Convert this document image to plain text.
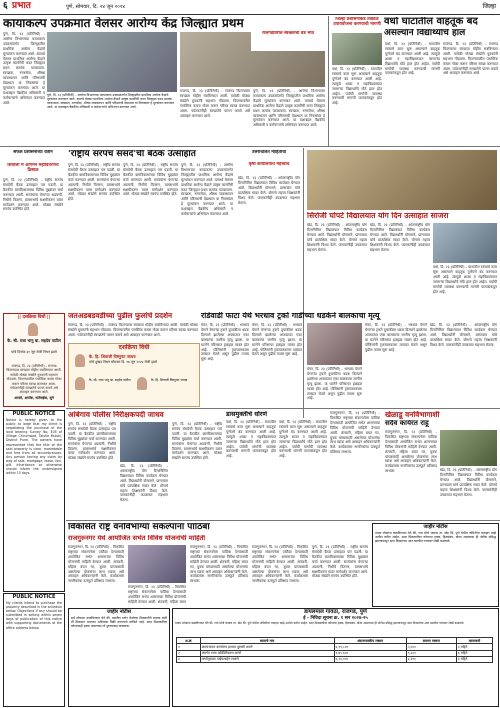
६ प्रभात	पुणे, सोमवार, दि. २४ जून २०२४	जिल्हा
कायाकल्प उपक्रमात वेलसर आरोग्य केंद्र जिल्ह्यात प्रथम
पुणे, दि. २३ (प्रतिनिधी) - आरोग्य विभागाच्या कायाकल्प उपक्रमांतर्गत जिल्ह्यातील प्राथमिक आरोग्य केंद्रांचे मूल्यांकन करण्यात आले. यामध्ये वेलसर प्राथमिक आरोग्य केंद्राने उत्कृष्ट कामगिरी करत जिल्ह्यात प्रथम क्रमांक पटकावला. स्वच्छता, रुग्णसेवा, औषध व्यवस्थापन आणि परिसराची देखभाल या निकषांवर हे मूल्यांकन करण्यात आले. या यशाबद्दल वैद्यकीय अधिकारी व कर्मचाऱ्यांचे अभिनंदन करण्यात आले.
पुणे, दि. २३ (प्रतिनिधी) - आरोग्य विभागाच्या कायाकल्प उपक्रमांतर्गत जिल्ह्यातील प्राथमिक आरोग्य केंद्रांचे मूल्यांकन करण्यात आले. यामध्ये वेलसर प्राथमिक आरोग्य केंद्राने उत्कृष्ट कामगिरी करत जिल्ह्यात प्रथम क्रमांक पटकावला. स्वच्छता, रुग्णसेवा, औषध व्यवस्थापन आणि परिसराची देखभाल या निकषांवर हे मूल्यांकन करण्यात आले. या यशाबद्दल वैद्यकीय अधिकारी व कर्मचाऱ्यांचे अभिनंदन करण्यात आले.
राजगड, दि. २३ (प्रतिनिधी) - राजगड किल्ल्यावर स्वच्छता मोहीम राबविण्यात आली. यावेळी मोठ्या संख्येने युवकांनी सहभाग नोंदवला. किल्ल्यावरील प्लास्टिक कचरा गोळा करून परिसर स्वच्छ करण्यात आला. पर्यटकांनीही स्वच्छतेचे पालन करावे असे आवाहन करण्यात आले.
पुणे, दि. २३ (प्रतिनिधी) - आरोग्य विभागाच्या कायाकल्प उपक्रमांतर्गत जिल्ह्यातील प्राथमिक आरोग्य केंद्रांचे मूल्यांकन करण्यात आले. यामध्ये वेलसर प्राथमिक आरोग्य केंद्राने उत्कृष्ट कामगिरी करत जिल्ह्यात प्रथम क्रमांक पटकावला. स्वच्छता, रुग्णसेवा, औषध व्यवस्थापन आणि परिसराची देखभाल या निकषांवर हे मूल्यांकन करण्यात आले. या यशाबद्दल वैद्यकीय अधिकारी व कर्मचाऱ्यांचे अभिनंदन करण्यात आले.
राजगडावरील स्वच्छतेची वेड भाव
जिल्हा प्रशासनाकडे तत्काळ उपाययोजना करण्याची मागणी वर्धा घाटातील वाहतूक बंद
असल्याने विद्यार्थ्यांचे हाल
वर्धा, दि. २३ (प्रतिनिधी) - घाटातील रस्त्याचे काम सुरू असल्याने वाहतूक पूर्णपणे बंद करण्यात आली आहे. त्यामुळे शाळा व महाविद्यालयात जाणाऱ्या विद्यार्थ्यांचे मोठे हाल होत आहेत. पर्यायी मार्गाची व्यवस्था करण्याची मागणी पालकांकडून होत आहे.
वर्धा, दि. २३ (प्रतिनिधी) - घाटातील रस्त्याचे काम सुरू असल्याने वाहतूक पूर्णपणे बंद करण्यात आली आहे. त्यामुळे शाळा व महाविद्यालयात जाणाऱ्या विद्यार्थ्यांचे मोठे हाल होत आहेत. पर्यायी मार्गाची व्यवस्था करण्याची मागणी पालकांकडून होत आहे.
राजगड, दि. २३ (प्रतिनिधी) - राजगड किल्ल्यावर स्वच्छता मोहीम राबविण्यात आली. यावेळी मोठ्या संख्येने युवकांनी सहभाग नोंदवला. किल्ल्यावरील प्लास्टिक कचरा गोळा करून परिसर स्वच्छ करण्यात आला. पर्यटकांनीही स्वच्छतेचे पालन करावे असे आवाहन करण्यात आले.
सफल प्रशासनाच्या वतीने
शिवाजी मे आगमने महावितरणचे ढिसाळ
पुणे, दि. २३ (प्रतिनिधी) - राष्ट्रीय सरपंच संसदेची बैठक उत्साहात पार पडली. या बैठकीत ग्रामविकासाच्या विविध मुद्द्यांवर चर्चा करण्यात आली. सरपंचांना येणाऱ्या अडचणी, निधीचे वितरण, ग्रामसभांचे सक्षमीकरण यावर मार्गदर्शन करण्यात आले. मोठ्या संख्येने सरपंच उपस्थित होते.
'राष्ट्रीय सरपंच संसदे'ची बैठक उत्साहात	उत्तरांचलित माहितीचा
कृषी कार्यालयाचे महत्त्वाचे
पुणे, दि. २३ (प्रतिनिधी) - राष्ट्रीय सरपंच संसदेची बैठक उत्साहात पार पडली. या बैठकीत ग्रामविकासाच्या विविध मुद्द्यांवर चर्चा करण्यात आली. सरपंचांना येणाऱ्या अडचणी, निधीचे वितरण, ग्रामसभांचे सक्षमीकरण यावर मार्गदर्शन करण्यात आले. मोठ्या संख्येने सरपंच उपस्थित होते.
पुणे, दि. २३ (प्रतिनिधी) - राष्ट्रीय सरपंच संसदेची बैठक उत्साहात पार पडली. या बैठकीत ग्रामविकासाच्या विविध मुद्द्यांवर चर्चा करण्यात आली. सरपंचांना येणाऱ्या अडचणी, निधीचे वितरण, ग्रामसभांचे सक्षमीकरण यावर मार्गदर्शन करण्यात आले. मोठ्या संख्येने सरपंच उपस्थित होते.
पुणे, दि. २३ (प्रतिनिधी) - आरोग्य विभागाच्या कायाकल्प उपक्रमांतर्गत जिल्ह्यातील प्राथमिक आरोग्य केंद्रांचे मूल्यांकन करण्यात आले. यामध्ये वेलसर प्राथमिक आरोग्य केंद्राने उत्कृष्ट कामगिरी करत जिल्ह्यात प्रथम क्रमांक पटकावला. स्वच्छता, रुग्णसेवा, औषध व्यवस्थापन आणि परिसराची देखभाल या निकषांवर हे मूल्यांकन करण्यात आले. या यशाबद्दल वैद्यकीय अधिकारी व कर्मचाऱ्यांचे अभिनंदन करण्यात आले.
खेड, दि. २३ (प्रतिनिधी) - आंतरराष्ट्रीय योग दिनानिमित्त विद्यालयात विविध कार्यक्रम घेण्यात आले. विद्यार्थ्यांनी योगासने, प्राणायाम यांचे प्रात्यक्षिक सादर केले. योगाचे महत्त्व शिक्षकांनी विशद केले. पालकांनीही उपक्रमात सहभाग घेतला.
सिरोजी घोपटे विद्यालयात योग दिन उत्साहात साजरा
खेड, दि. २३ (प्रतिनिधी) - आंतरराष्ट्रीय योग दिनानिमित्त विद्यालयात विविध कार्यक्रम घेण्यात आले. विद्यार्थ्यांनी योगासने, प्राणायाम यांचे प्रात्यक्षिक सादर केले. योगाचे महत्त्व शिक्षकांनी विशद केले. पालकांनीही उपक्रमात सहभाग घेतला.
खेड, दि. २३ (प्रतिनिधी) - आंतरराष्ट्रीय योग दिनानिमित्त विद्यालयात विविध कार्यक्रम घेण्यात आले. विद्यार्थ्यांनी योगासने, प्राणायाम यांचे प्रात्यक्षिक सादर केले. योगाचे महत्त्व शिक्षकांनी विशद केले. पालकांनीही उपक्रमात सहभाग घेतला.
वर्धा, दि. २३ (प्रतिनिधी) - घाटातील रस्त्याचे काम सुरू असल्याने वाहतूक पूर्णपणे बंद करण्यात आली आहे. त्यामुळे शाळा व महाविद्यालयात जाणाऱ्या विद्यार्थ्यांचे मोठे हाल होत आहेत. पर्यायी मार्गाची व्यवस्था करण्याची मागणी पालकांकडून होत आहे.
|| दशक्रिया विधी ||
कै. सौ. राधा भानु बा. सहदेव पाटील
यांचे दिनांक ३० जून रोजी निधन झाले
राजगड, दि. २३ (प्रतिनिधी) - राजगड किल्ल्यावर स्वच्छता मोहीम राबविण्यात आली. यावेळी मोठ्या संख्येने युवकांनी सहभाग नोंदवला. किल्ल्यावरील प्लास्टिक कचरा गोळा करून परिसर स्वच्छ करण्यात आला. पर्यटकांनीही स्वच्छतेचे पालन करावे असे आवाहन करण्यात आले.
आपले, आप्तेष्ट, नातेवाईक, सुने
जतअडबडवडीच्या पुढील फुलांचे प्रदर्शन
राजगड, दि. २३ (प्रतिनिधी) - राजगड किल्ल्यावर स्वच्छता मोहीम राबविण्यात आली. यावेळी मोठ्या संख्येने युवकांनी सहभाग नोंदवला. किल्ल्यावरील प्लास्टिक कचरा गोळा करून परिसर स्वच्छ करण्यात आला. पर्यटकांनीही स्वच्छतेचे पालन करावे असे आवाहन करण्यात आले.
दशक्रिया विधी
कै. हि. शिवाजी विष्णुपंत जाधव
यांचे दुःखद निधन सोमवार दि. १७ जून २०२४ रोजी झाले
कै. सौ. राधा भानु बा. सहदेव पाटील	कै. हि. शिवाजी विष्णुपंत जाधव
रांडेवाडी फाटा येथे भरधाव ट्रको गाडीच्या धडकेने बालकाचा मृत्यू
मंचर, दि. २३ (प्रतिनिधी) - भरधाव वेगाने येणाऱ्या ट्रकने दुचाकीला धडक दिल्याने झालेल्या अपघातात एका बालकाचा जागीच मृत्यू झाला. या घटनेने परिसरात हळहळ व्यक्त होत आहे. पोलिसांनी ट्रकचालकाला ताब्यात घेतले असून पुढील तपास सुरू आहे.
मंचर, दि. २३ (प्रतिनिधी) - भरधाव वेगाने येणाऱ्या ट्रकने दुचाकीला धडक दिल्याने झालेल्या अपघातात एका बालकाचा जागीच मृत्यू झाला. या घटनेने परिसरात हळहळ व्यक्त होत आहे. पोलिसांनी ट्रकचालकाला ताब्यात घेतले असून पुढील तपास सुरू आहे.
मंचर, दि. २३ (प्रतिनिधी) - भरधाव वेगाने येणाऱ्या ट्रकने दुचाकीला धडक दिल्याने झालेल्या अपघातात एका बालकाचा जागीच मृत्यू झाला. या घटनेने परिसरात हळहळ व्यक्त होत आहे. पोलिसांनी ट्रकचालकाला ताब्यात घेतले असून पुढील तपास सुरू आहे.
मंचर, दि. २३ (प्रतिनिधी) - भरधाव वेगाने येणाऱ्या ट्रकने दुचाकीला धडक दिल्याने झालेल्या अपघातात एका बालकाचा जागीच मृत्यू झाला. या घटनेने परिसरात हळहळ व्यक्त होत आहे. पोलिसांनी ट्रकचालकाला ताब्यात घेतले असून पुढील तपास सुरू आहे.
खेड, दि. २३ (प्रतिनिधी) - आंतरराष्ट्रीय योग दिनानिमित्त विद्यालयात विविध कार्यक्रम घेण्यात आले. विद्यार्थ्यांनी योगासने, प्राणायाम यांचे प्रात्यक्षिक सादर केले. योगाचे महत्त्व शिक्षकांनी विशद केले. पालकांनीही उपक्रमात सहभाग घेतला.
आंबेगाव पोलीस निरीक्षकपदी जाधव
पुणे, दि. २३ (प्रतिनिधी) - राष्ट्रीय सरपंच संसदेची बैठक उत्साहात पार पडली. या बैठकीत ग्रामविकासाच्या विविध मुद्द्यांवर चर्चा करण्यात आली. सरपंचांना येणाऱ्या अडचणी, निधीचे वितरण, ग्रामसभांचे सक्षमीकरण यावर मार्गदर्शन करण्यात आले. मोठ्या संख्येने सरपंच उपस्थित होते.
खेड, दि. २३ (प्रतिनिधी) - आंतरराष्ट्रीय योग दिनानिमित्त विद्यालयात विविध कार्यक्रम घेण्यात आले. विद्यार्थ्यांनी योगासने, प्राणायाम यांचे प्रात्यक्षिक सादर केले. योगाचे महत्त्व शिक्षकांनी विशद केले. पालकांनीही उपक्रमात सहभाग घेतला.
पुणे, दि. २३ (प्रतिनिधी) - राष्ट्रीय सरपंच संसदेची बैठक उत्साहात पार पडली. या बैठकीत ग्रामविकासाच्या विविध मुद्द्यांवर चर्चा करण्यात आली. सरपंचांना येणाऱ्या अडचणी, निधीचे वितरण, ग्रामसभांचे सक्षमीकरण यावर मार्गदर्शन करण्यात आले. मोठ्या संख्येने सरपंच उपस्थित होते.
डासमुक्तीचे धोरणे
वर्धा, दि. २३ (प्रतिनिधी) - घाटातील रस्त्याचे काम सुरू असल्याने वाहतूक पूर्णपणे बंद करण्यात आली आहे. त्यामुळे शाळा व महाविद्यालयात जाणाऱ्या विद्यार्थ्यांचे मोठे हाल होत आहेत. पर्यायी मार्गाची व्यवस्था करण्याची मागणी पालकांकडून होत आहे.
वर्धा, दि. २३ (प्रतिनिधी) - घाटातील रस्त्याचे काम सुरू असल्याने वाहतूक पूर्णपणे बंद करण्यात आली आहे. त्यामुळे शाळा व महाविद्यालयात जाणाऱ्या विद्यार्थ्यांचे मोठे हाल होत आहेत. पर्यायी मार्गाची व्यवस्था करण्याची मागणी पालकांकडून होत आहे.
राजगुरुनगर, दि. २३ (प्रतिनिधी) - विकसित राष्ट्राच्या संकल्पनेला पाठिंबा देण्यासाठी आयोजित सभेत शासनाच्या विविध योजनांची माहिती देण्यात आली. शेतकरी, महिला बचत गट, युवक यांच्यासाठी असलेल्या योजनांचा लाभ घ्यावा असे आवाहन अधिकाऱ्यांनी केले. कार्यक्रमास नागरिकांचा उत्स्फूर्त प्रतिसाद लाभला.
खेळाडू वनविभागाशी
सदैव कार्यरत राहू
राजगुरुनगर, दि. २३ (प्रतिनिधी) - विकसित राष्ट्राच्या संकल्पनेला पाठिंबा देण्यासाठी आयोजित सभेत शासनाच्या विविध योजनांची माहिती देण्यात आली. शेतकरी, महिला बचत गट, युवक यांच्यासाठी असलेल्या योजनांचा लाभ घ्यावा असे आवाहन अधिकाऱ्यांनी केले. कार्यक्रमास नागरिकांचा उत्स्फूर्त प्रतिसाद लाभला.	खेड, दि. २३ (प्रतिनिधी) - आंतरराष्ट्रीय योग दिनानिमित्त विद्यालयात विविध कार्यक्रम घेण्यात आले. विद्यार्थ्यांनी योगासने, प्राणायाम यांचे प्रात्यक्षिक सादर केले. योगाचे महत्त्व शिक्षकांनी विशद केले. पालकांनीही उपक्रमात सहभाग घेतला.
PUBLIC NOTICE
Notice is hereby given to the public at large that my client is negotiating the purchase of the land bearing Survey No. 405 of Village Chinchwad, Taluka Mulshi, District Pune. The owners have represented that the title of the said property is clear, marketable and free from all encumbrances. Any person having any claim by way of sale, mortgage, lease, lien, gift, inheritance or otherwise should inform the undersigned within 15 days.
PUBLIC NOTICE
My clients intend to purchase the property described in the schedule below. Objections if any should be submitted in writing within seven days of publication of this notice with supporting documents at the office address below.
विकसित राष्ट्र वनविभाग्या संकल्पाना पाठिंबा
राजगुरुनगर येथे आयोजित सभेत विविध योजनांची माहिती
राजगुरुनगर, दि. २३ (प्रतिनिधी) - विकसित राष्ट्राच्या संकल्पनेला पाठिंबा देण्यासाठी आयोजित सभेत शासनाच्या विविध योजनांची माहिती देण्यात आली. शेतकरी, महिला बचत गट, युवक यांच्यासाठी असलेल्या योजनांचा लाभ घ्यावा असे आवाहन अधिकाऱ्यांनी केले. कार्यक्रमास नागरिकांचा उत्स्फूर्त प्रतिसाद लाभला.
राजगुरुनगर, दि. २३ (प्रतिनिधी) - विकसित राष्ट्राच्या संकल्पनेला पाठिंबा देण्यासाठी आयोजित सभेत शासनाच्या विविध योजनांची माहिती देण्यात आली. शेतकरी, महिला बचत
राजगुरुनगर, दि. २३ (प्रतिनिधी) - विकसित राष्ट्राच्या संकल्पनेला पाठिंबा देण्यासाठी आयोजित सभेत शासनाच्या विविध योजनांची माहिती देण्यात आली. शेतकरी, महिला बचत गट, युवक यांच्यासाठी असलेल्या योजनांचा लाभ घ्यावा असे आवाहन अधिकाऱ्यांनी केले. कार्यक्रमास नागरिकांचा उत्स्फूर्त प्रतिसाद लाभला.
राजगुरुनगर, दि. २३ (प्रतिनिधी) - विकसित राष्ट्राच्या संकल्पनेला पाठिंबा देण्यासाठी आयोजित सभेत शासनाच्या विविध योजनांची माहिती देण्यात आली. शेतकरी, महिला बचत गट, युवक यांच्यासाठी असलेल्या योजनांचा लाभ घ्यावा असे आवाहन अधिकाऱ्यांनी केले. कार्यक्रमास नागरिकांचा उत्स्फूर्त प्रतिसाद लाभला.
पुणे, दि. २३ (प्रतिनिधी) - राष्ट्रीय सरपंच संसदेची बैठक उत्साहात पार पडली. या बैठकीत ग्रामविकासाच्या विविध मुद्द्यांवर चर्चा करण्यात आली. सरपंचांना येणाऱ्या अडचणी, निधीचे वितरण, ग्रामसभांचे सक्षमीकरण यावर मार्गदर्शन करण्यात आले. मोठ्या संख्येने सरपंच उपस्थित होते.
जाहीर नोटीस
तमाम लोकांना कळविण्यात येते की, गाव मौजे चाकण ता. खेड जि. पुणे येथील जमिनीचा व्यवहार माझे अशील करीत आहेत. सदर मिळकतीवर कोणाचा हक्क, हितसंबंध, बोजा असल्यास ही नोटीस प्रसिद्ध झाल्यापासून सात दिवसांच्या आत खालील पत्त्यावर लेखी कळवावे.
जाहीर नोटीस
सर्व लोकांना कळविण्यात येते की, खालील वर्णन केलेल्या मिळकतीचे मालक यांनी ती मिळकत आमच्या अशिलास विक्री करण्याचे ठरविले आहे. सदर मिळकतीवर कोणाचाही हक्क असल्यास तो पुराव्यासह कळवावा.
डायलमाल गावठा, राजगड, पुणे
ई - निविदा सूचना क्र. १ सन २०२४-२५
तमाम लोकांना कळविण्यात येते की, गाव मौजे चाकण ता. खेड जि. पुणे येथील जमिनीचा व्यवहार माझे अशील करीत आहेत. सदर मिळकतीवर कोणाचा हक्क, हितसंबंध, बोजा असल्यास ही नोटीस प्रसिद्ध झाल्यापासून सात दिवसांच्या आत खालील पत्त्यावर लेखी कळवावे.
अ.क्र	कामाचे नाव	अंदाजपत्रकीय रक्कम	बयाणा रक्कम	कालावधी
१	ग्रामपंचायत कार्यालय इमारत दुरुस्ती करणे	४,९९,८००	५,०००	३ महिने
२	अंतर्गत रस्ता काँक्रीटीकरण करणे	९,७५,६००	९,८००	६ महिने
३	पाणीपुरवठा पाईपलाईन टाकणे	४,२०,०००	४,२००	३ महिने
